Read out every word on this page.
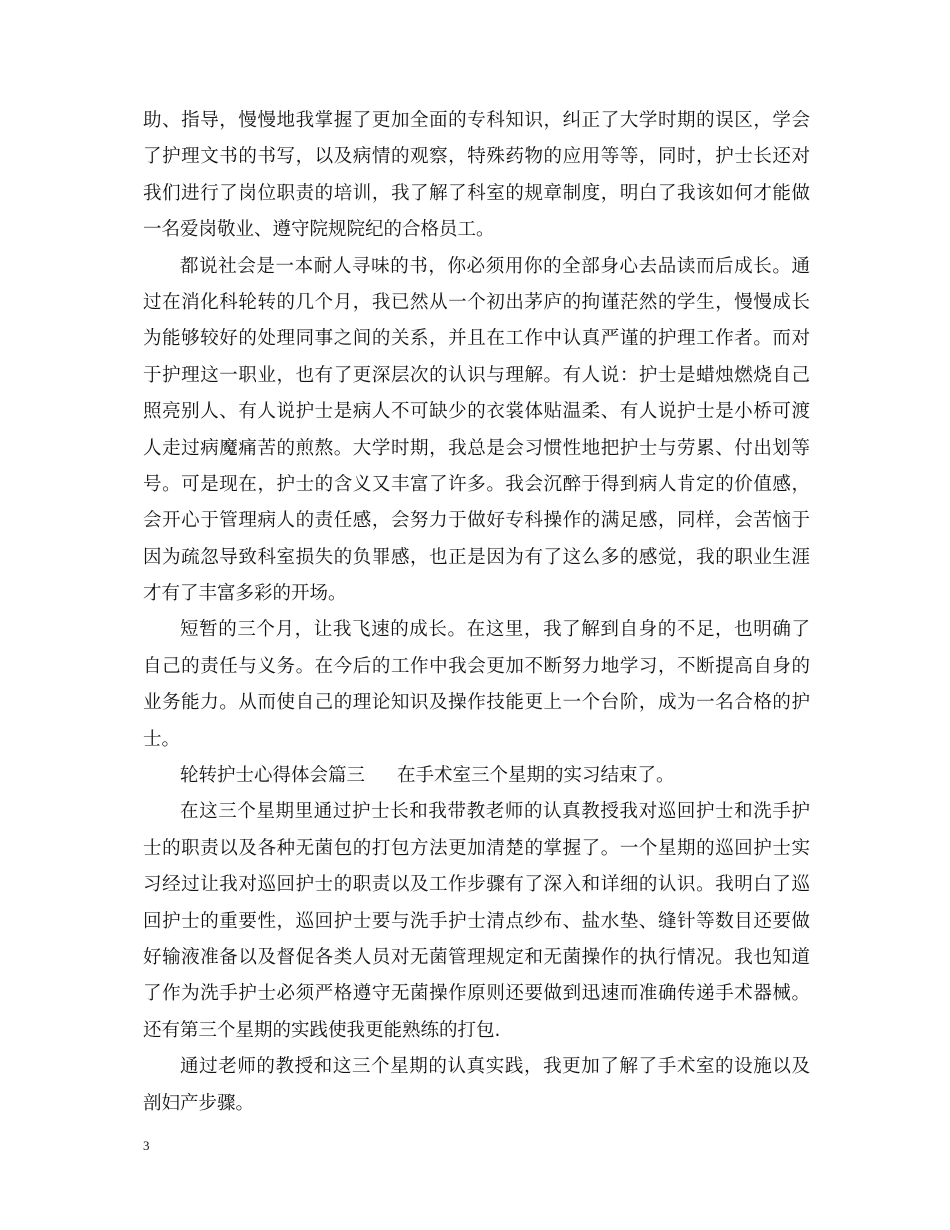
助、指导，慢慢地我掌握了更加全面的专科知识，纠正了大学时期的误区，学会
了护理文书的书写，以及病情的观察，特殊药物的应用等等，同时，护士长还对
我们进行了岗位职责的培训，我了解了科室的规章制度，明白了我该如何才能做
一名爱岗敬业、遵守院规院纪的合格员工。
都说社会是一本耐人寻味的书，你必须用你的全部身心去品读而后成长。通
过在消化科轮转的几个月，我已然从一个初出茅庐的拘谨茫然的学生，慢慢成长
为能够较好的处理同事之间的关系，并且在工作中认真严谨的护理工作者。而对
于护理这一职业，也有了更深层次的认识与理解。有人说：护士是蜡烛燃烧自己
照亮别人、有人说护士是病人不可缺少的衣裳体贴温柔、有人说护士是小桥可渡
人走过病魔痛苦的煎熬。大学时期，我总是会习惯性地把护士与劳累、付出划等
号。可是现在，护士的含义又丰富了许多。我会沉醉于得到病人肯定的价值感，
会开心于管理病人的责任感，会努力于做好专科操作的满足感，同样，会苦恼于
因为疏忽导致科室损失的负罪感，也正是因为有了这么多的感觉，我的职业生涯
才有了丰富多彩的开场。
短暂的三个月，让我飞速的成长。在这里，我了解到自身的不足，也明确了
自己的责任与义务。在今后的工作中我会更加不断努力地学习，不断提高自身的
业务能力。从而使自己的理论知识及操作技能更上一个台阶，成为一名合格的护
士。
轮转护士心得体会篇三 在手术室三个星期的实习结束了。
在这三个星期里通过护士长和我带教老师的认真教授我对巡回护士和洗手护
士的职责以及各种无菌包的打包方法更加清楚的掌握了。一个星期的巡回护士实
习经过让我对巡回护士的职责以及工作步骤有了深入和详细的认识。我明白了巡
回护士的重要性，巡回护士要与洗手护士清点纱布、盐水垫、缝针等数目还要做
好输液准备以及督促各类人员对无菌管理规定和无菌操作的执行情况。我也知道
了作为洗手护士必须严格遵守无菌操作原则还要做到迅速而准确传递手术器械。
还有第三个星期的实践使我更能熟练的打包.
通过老师的教授和这三个星期的认真实践，我更加了解了手术室的设施以及
剖妇产步骤。
3
